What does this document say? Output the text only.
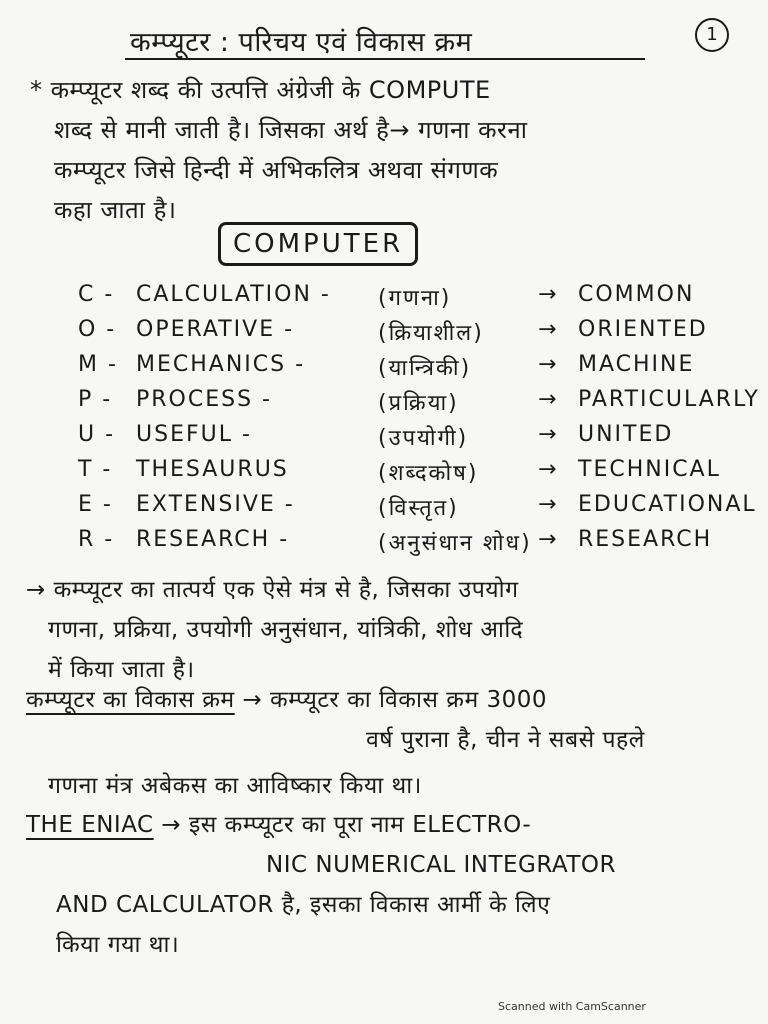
कम्प्यूटर : परिचय एवं विकास क्रम	1

* कम्प्यूटर शब्द की उत्पत्ति अंग्रेजी के COMPUTE

शब्द से मानी जाती है। जिसका अर्थ है→ गणना करना

कम्प्यूटर जिसे हिन्दी में अभिकलित्र अथवा संगणक

कहा जाता है।

COMPUTER
C - CALCULATION - (गणना)	→ COMMON
O - OPERATIVE -	(क्रियाशील) → ORIENTED
M - MECHANICS -	(यान्त्रिकी)	→ MACHINE
P - PROCESS -	(प्रक्रिया)	→ PARTICULARLY
U - USEFUL -	(उपयोगी)	→ UNITED
T - THESAURUS	(शब्दकोष)	→ TECHNICAL
E - EXTENSIVE -	(विस्तृत)	→ EDUCATIONAL
R - RESEARCH -	(अनुसंधान शोध) → RESEARCH

→ कम्प्यूटर का तात्पर्य एक ऐसे मंत्र से है, जिसका उपयोग

गणना, प्रक्रिया, उपयोगी अनुसंधान, यांत्रिकी, शोध आदि

में किया जाता है।

कम्प्यूटर का विकास क्रम → कम्प्यूटर का विकास क्रम 3000

वर्ष पुराना है, चीन ने सबसे पहले

गणना मंत्र अबेकस का आविष्कार किया था।

THE ENIAC → इस कम्प्यूटर का पूरा नाम ELECTRO-

NIC NUMERICAL INTEGRATOR

AND CALCULATOR है, इसका विकास आर्मी के लिए

किया गया था।

Scanned with CamScanner
